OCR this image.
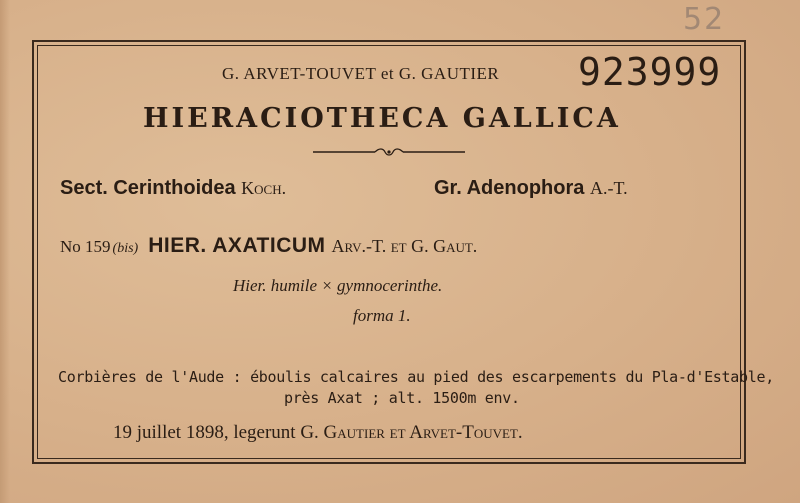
52
G. ARVET-TOUVET et G. GAUTIER 923999
HIERACIOTHECA GALLICA
Sect. Cerinthoidea Koch.	Gr. Adenophora A.-T.
No 159 (bis) HIER. AXATICUM Arv.-T. et G. Gaut.
Hier. humile × gymnocerinthe.
forma 1.
Corbières de l'Aude : éboulis calcaires au pied des escarpements du Pla-d'Estable,
près Axat ; alt. 1500m env.
19 juillet 1898, legerunt G. Gautier et Arvet-Touvet.
